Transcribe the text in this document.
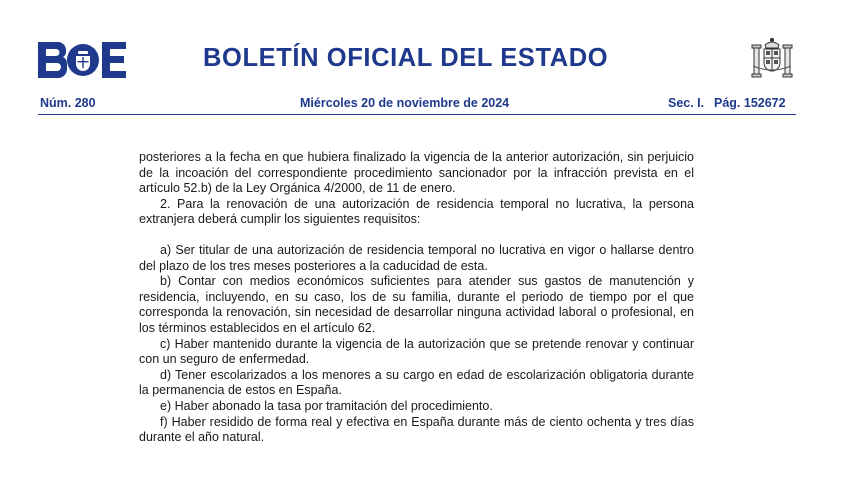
BOLETÍN OFICIAL DEL ESTADO
Núm. 280	Miércoles 20 de noviembre de 2024	Sec. I. Pág. 152672

posteriores a la fecha en que hubiera finalizado la vigencia de la anterior autorización, sin perjuicio de la incoación del correspondiente procedimiento sancionador por la infracción prevista en el artículo 52.b) de la Ley Orgánica 4/2000, de 11 de enero.

2. Para la renovación de una autorización de residencia temporal no lucrativa, la persona extranjera deberá cumplir los siguientes requisitos:

a) Ser titular de una autorización de residencia temporal no lucrativa en vigor o hallarse dentro del plazo de los tres meses posteriores a la caducidad de esta.

b) Contar con medios económicos suficientes para atender sus gastos de manutención y residencia, incluyendo, en su caso, los de su familia, durante el periodo de tiempo por el que corresponda la renovación, sin necesidad de desarrollar ninguna actividad laboral o profesional, en los términos establecidos en el artículo 62.

c) Haber mantenido durante la vigencia de la autorización que se pretende renovar y continuar con un seguro de enfermedad.

d) Tener escolarizados a los menores a su cargo en edad de escolarización obligatoria durante la permanencia de estos en España.

e) Haber abonado la tasa por tramitación del procedimiento.

f) Haber residido de forma real y efectiva en España durante más de ciento ochenta y tres días durante el año natural.
